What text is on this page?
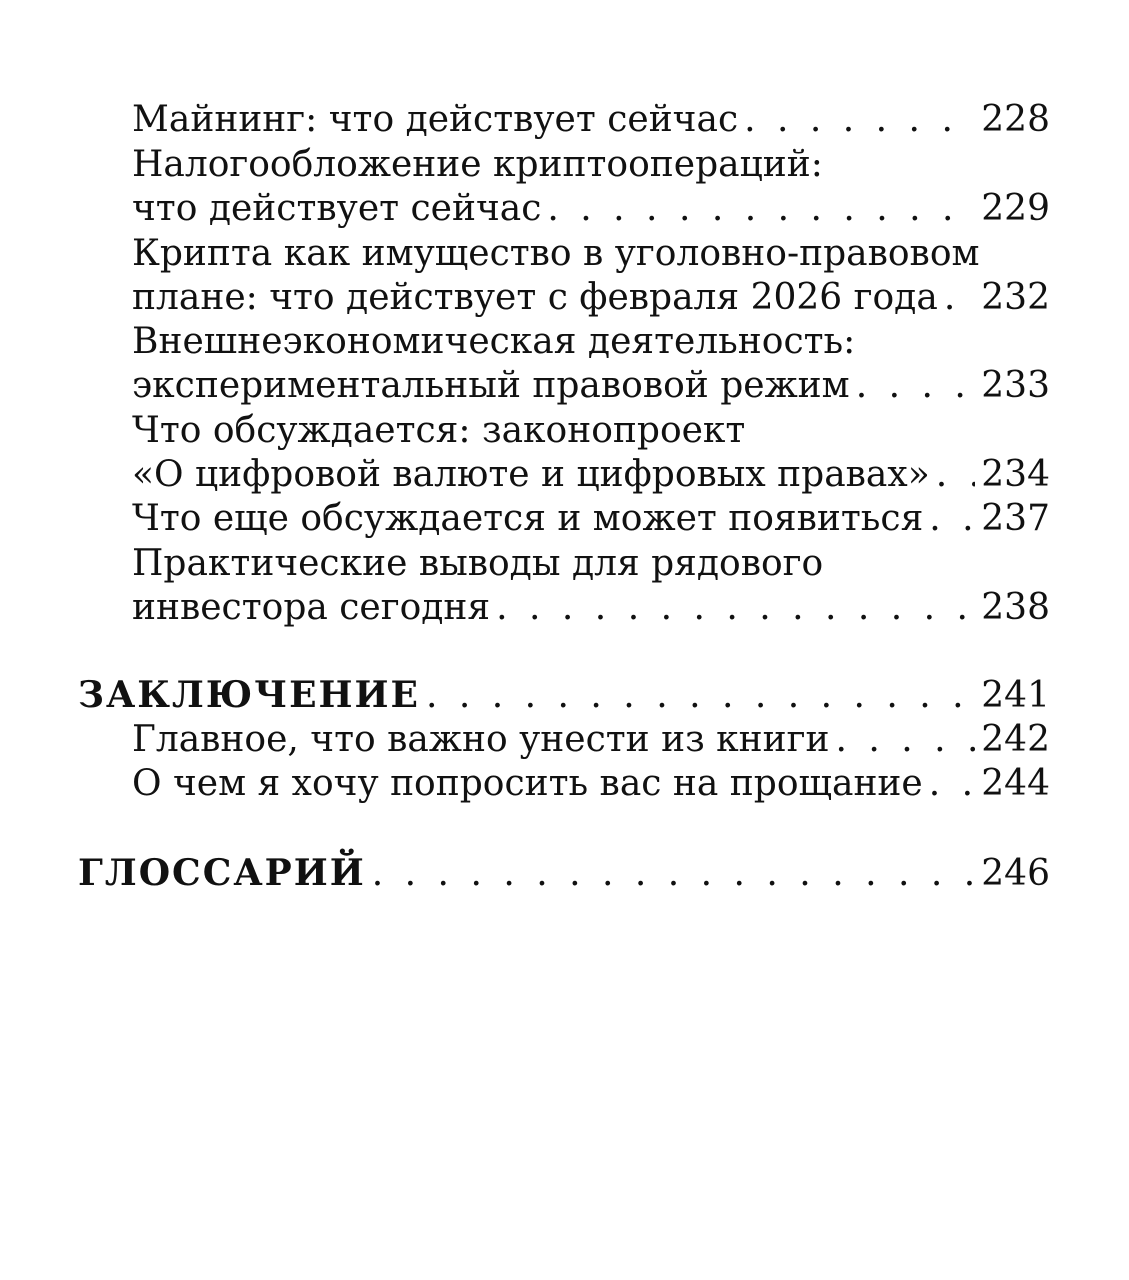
Майнинг: что действует сейчас . . .	228
Налогообложение криптоопераций:
что действует сейчас . . .	229
Крипта как имущество в уголовно-правовом
плане: что действует с февраля 2026 года . . . 232
Внешнеэкономическая деятельность:
экспериментальный правовой режим . . .	233
Что обсуждается: законопроект
«О цифровой валюте и цифровых правах» . . . 234
Что еще обсуждается и может появиться . . . 237
Практические выводы для рядового
инвестора сегодня . . .	238
ЗАКЛЮЧЕНИЕ . . .	241
Главное, что важно унести из книги . . .	242
О чем я хочу попросить вас на прощание . . . 244
ГЛОССАРИЙ . . .	246
